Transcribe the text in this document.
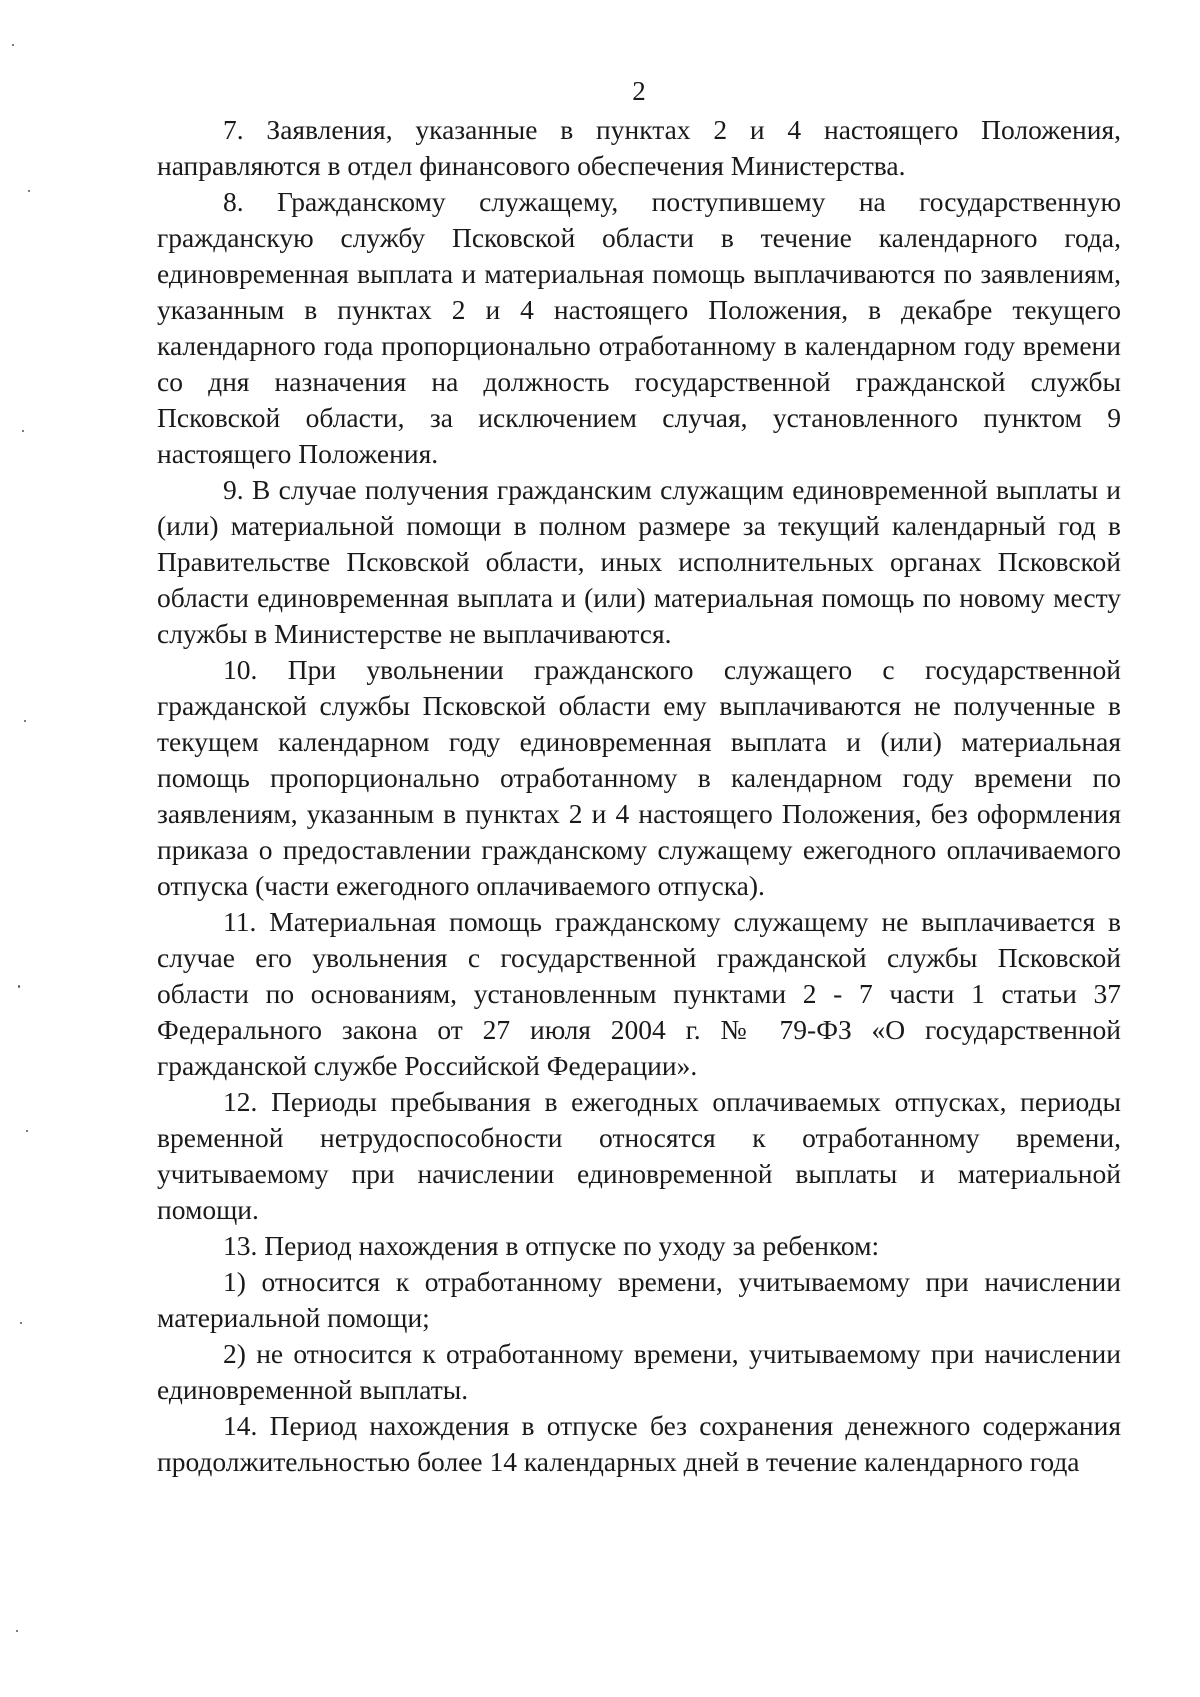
2

7. Заявления, указанные в пунктах 2 и 4 настоящего Положения, направляются в отдел финансового обеспечения Министерства.

8. Гражданскому служащему, поступившему на государственную гражданскую службу Псковской области в течение календарного года, единовременная выплата и материальная помощь выплачиваются по заявлениям, указанным в пунктах 2 и 4 настоящего Положения, в декабре текущего календарного года пропорционально отработанному в календарном году времени со дня назначения на должность государственной гражданской службы Псковской области, за исключением случая, установленного пунктом 9 настоящего Положения.

9. В случае получения гражданским служащим единовременной выплаты и (или) материальной помощи в полном размере за текущий календарный год в Правительстве Псковской области, иных исполнительных органах Псковской области единовременная выплата и (или) материальная помощь по новому месту службы в Министерстве не выплачиваются.

10. При увольнении гражданского служащего с государственной гражданской службы Псковской области ему выплачиваются не полученные в текущем календарном году единовременная выплата и (или) материальная помощь пропорционально отработанному в календарном году времени по заявлениям, указанным в пунктах 2 и 4 настоящего Положения, без оформления приказа о предоставлении гражданскому служащему ежегодного оплачиваемого отпуска (части ежегодного оплачиваемого отпуска).

11. Материальная помощь гражданскому служащему не выплачивается в случае его увольнения с государственной гражданской службы Псковской области по основаниям, установленным пунктами 2 - 7 части 1 статьи 37 Федерального закона от 27 июля 2004 г. № 79-ФЗ «О государственной гражданской службе Российской Федерации».

12. Периоды пребывания в ежегодных оплачиваемых отпусках, периоды временной нетрудоспособности относятся к отработанному времени, учитываемому при начислении единовременной выплаты и материальной помощи.

13. Период нахождения в отпуске по уходу за ребенком:

1) относится к отработанному времени, учитываемому при начислении материальной помощи;

2) не относится к отработанному времени, учитываемому при начислении единовременной выплаты.

14. Период нахождения в отпуске без сохранения денежного содержания продолжительностью более 14 календарных дней в течение календарного года
